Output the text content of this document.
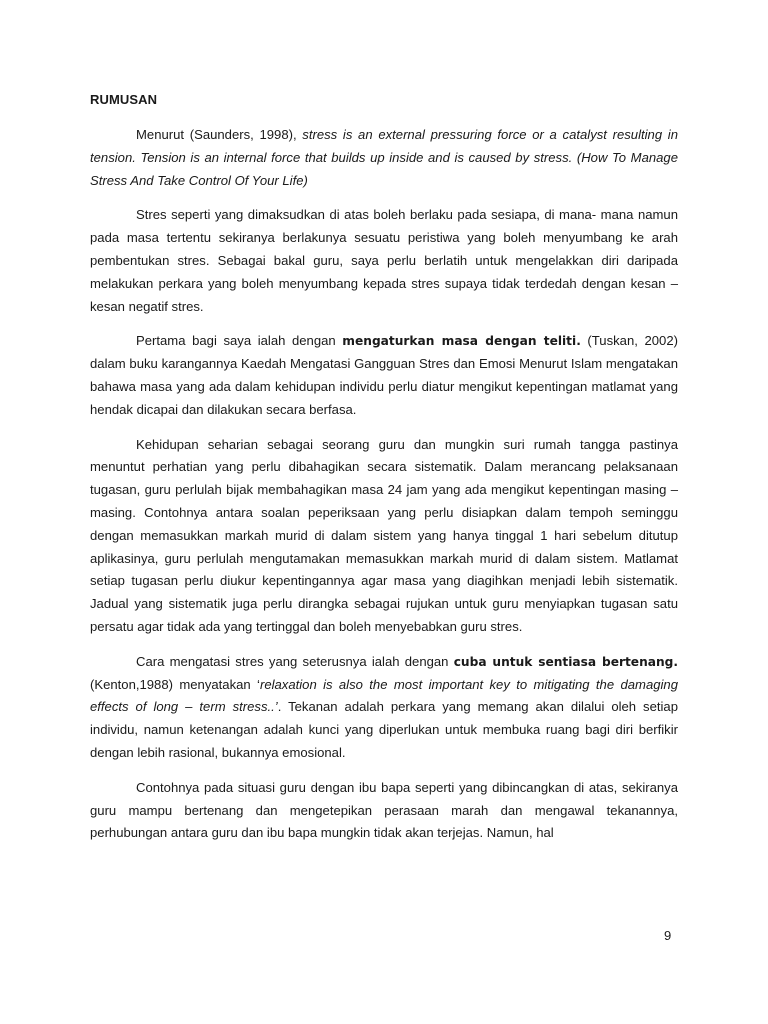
RUMUSAN

Menurut (Saunders, 1998), stress is an external pressuring force or a catalyst resulting in tension. Tension is an internal force that builds up inside and is caused by stress. (How To Manage Stress And Take Control Of Your Life)

Stres seperti yang dimaksudkan di atas boleh berlaku pada sesiapa, di mana- mana namun pada masa tertentu sekiranya berlakunya sesuatu peristiwa yang boleh menyumbang ke arah pembentukan stres. Sebagai bakal guru, saya perlu berlatih untuk mengelakkan diri daripada melakukan perkara yang boleh menyumbang kepada stres supaya tidak terdedah dengan kesan – kesan negatif stres.

Pertama bagi saya ialah dengan mengaturkan masa dengan teliti. (Tuskan, 2002) dalam buku karangannya Kaedah Mengatasi Gangguan Stres dan Emosi Menurut Islam mengatakan bahawa masa yang ada dalam kehidupan individu perlu diatur mengikut kepentingan matlamat yang hendak dicapai dan dilakukan secara berfasa.

Kehidupan seharian sebagai seorang guru dan mungkin suri rumah tangga pastinya menuntut perhatian yang perlu dibahagikan secara sistematik. Dalam merancang pelaksanaan tugasan, guru perlulah bijak membahagikan masa 24 jam yang ada mengikut kepentingan masing – masing. Contohnya antara soalan peperiksaan yang perlu disiapkan dalam tempoh seminggu dengan memasukkan markah murid di dalam sistem yang hanya tinggal 1 hari sebelum ditutup aplikasinya, guru perlulah mengutamakan memasukkan markah murid di dalam sistem. Matlamat setiap tugasan perlu diukur kepentingannya agar masa yang diagihkan menjadi lebih sistematik. Jadual yang sistematik juga perlu dirangka sebagai rujukan untuk guru menyiapkan tugasan satu persatu agar tidak ada yang tertinggal dan boleh menyebabkan guru stres.

Cara mengatasi stres yang seterusnya ialah dengan cuba untuk sentiasa bertenang. (Kenton,1988) menyatakan ‘relaxation is also the most important key to mitigating the damaging effects of long – term stress..’. Tekanan adalah perkara yang memang akan dilalui oleh setiap individu, namun ketenangan adalah kunci yang diperlukan untuk membuka ruang bagi diri berfikir dengan lebih rasional, bukannya emosional.

Contohnya pada situasi guru dengan ibu bapa seperti yang dibincangkan di atas, sekiranya guru mampu bertenang dan mengetepikan perasaan marah dan mengawal tekanannya, perhubungan antara guru dan ibu bapa mungkin tidak akan terjejas. Namun, hal

9
